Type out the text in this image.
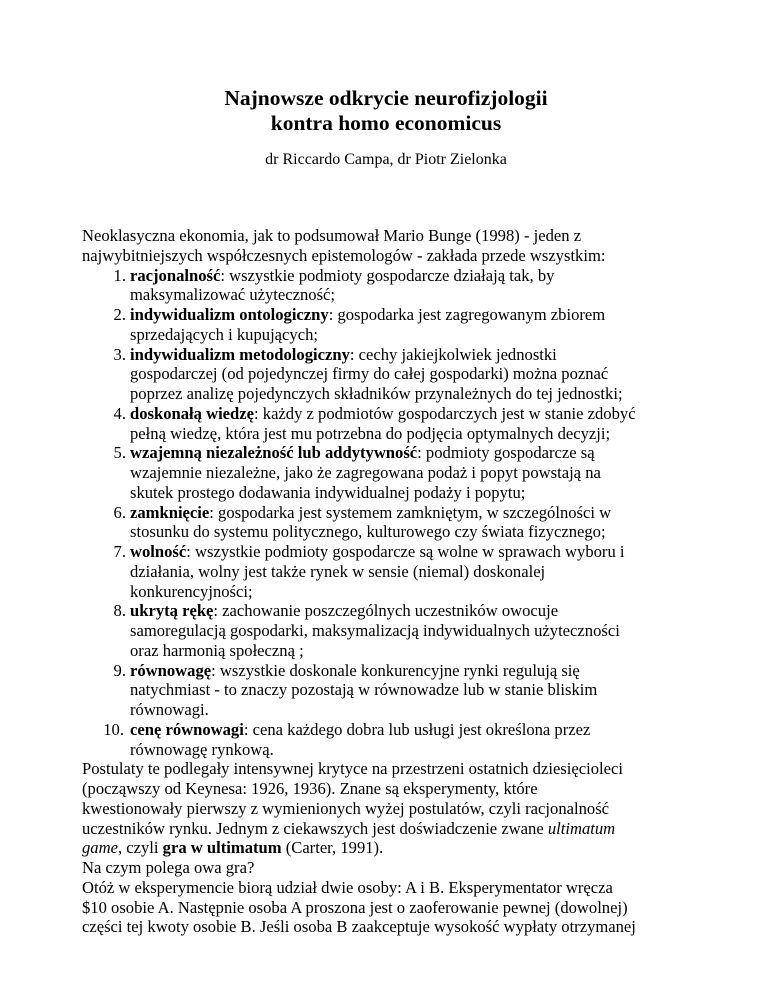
Najnowsze odkrycie neurofizjologii
kontra homo economicus
dr Riccardo Campa, dr Piotr Zielonka

Neoklasyczna ekonomia, jak to podsumował Mario Bunge (1998) - jeden z
najwybitniejszych współczesnych epistemologów - zakłada przede wszystkim:

1. racjonalność: wszystkie podmioty gospodarcze działają tak, by
maksymalizować użyteczność;
2. indywidualizm ontologiczny: gospodarka jest zagregowanym zbiorem
sprzedających i kupujących;
3. indywidualizm metodologiczny: cechy jakiejkolwiek jednostki
gospodarczej (od pojedynczej firmy do całej gospodarki) można poznać
poprzez analizę pojedynczych składników przynależnych do tej jednostki;
4. doskonałą wiedzę: każdy z podmiotów gospodarczych jest w stanie zdobyć
pełną wiedzę, która jest mu potrzebna do podjęcia optymalnych decyzji;
5. wzajemną niezależność lub addytywność: podmioty gospodarcze są
wzajemnie niezależne, jako że zagregowana podaż i popyt powstają na
skutek prostego dodawania indywidualnej podaży i popytu;
6. zamknięcie: gospodarka jest systemem zamkniętym, w szczególności w
stosunku do systemu politycznego, kulturowego czy świata fizycznego;
7. wolność: wszystkie podmioty gospodarcze są wolne w sprawach wyboru i
działania, wolny jest także rynek w sensie (niemal) doskonalej
konkurencyjności;
8. ukrytą rękę: zachowanie poszczególnych uczestników owocuje
samoregulacją gospodarki, maksymalizacją indywidualnych użyteczności
oraz harmonią społeczną ;
9. równowagę: wszystkie doskonale konkurencyjne rynki regulują się
natychmiast - to znaczy pozostają w równowadze lub w stanie bliskim
równowagi.
10. cenę równowagi: cena każdego dobra lub usługi jest określona przez
równowagę rynkową.

Postulaty te podlegały intensywnej krytyce na przestrzeni ostatnich dziesięcioleci
(począwszy od Keynesa: 1926, 1936). Znane są eksperymenty, które
kwestionowały pierwszy z wymienionych wyżej postulatów, czyli racjonalność
uczestników rynku. Jednym z ciekawszych jest doświadczenie zwane ultimatum
game, czyli gra w ultimatum (Carter, 1991).

Na czym polega owa gra?

Otóż w eksperymencie biorą udział dwie osoby: A i B. Eksperymentator wręcza
$10 osobie A. Następnie osoba A proszona jest o zaoferowanie pewnej (dowolnej)
części tej kwoty osobie B. Jeśli osoba B zaakceptuje wysokość wypłaty otrzymanej
